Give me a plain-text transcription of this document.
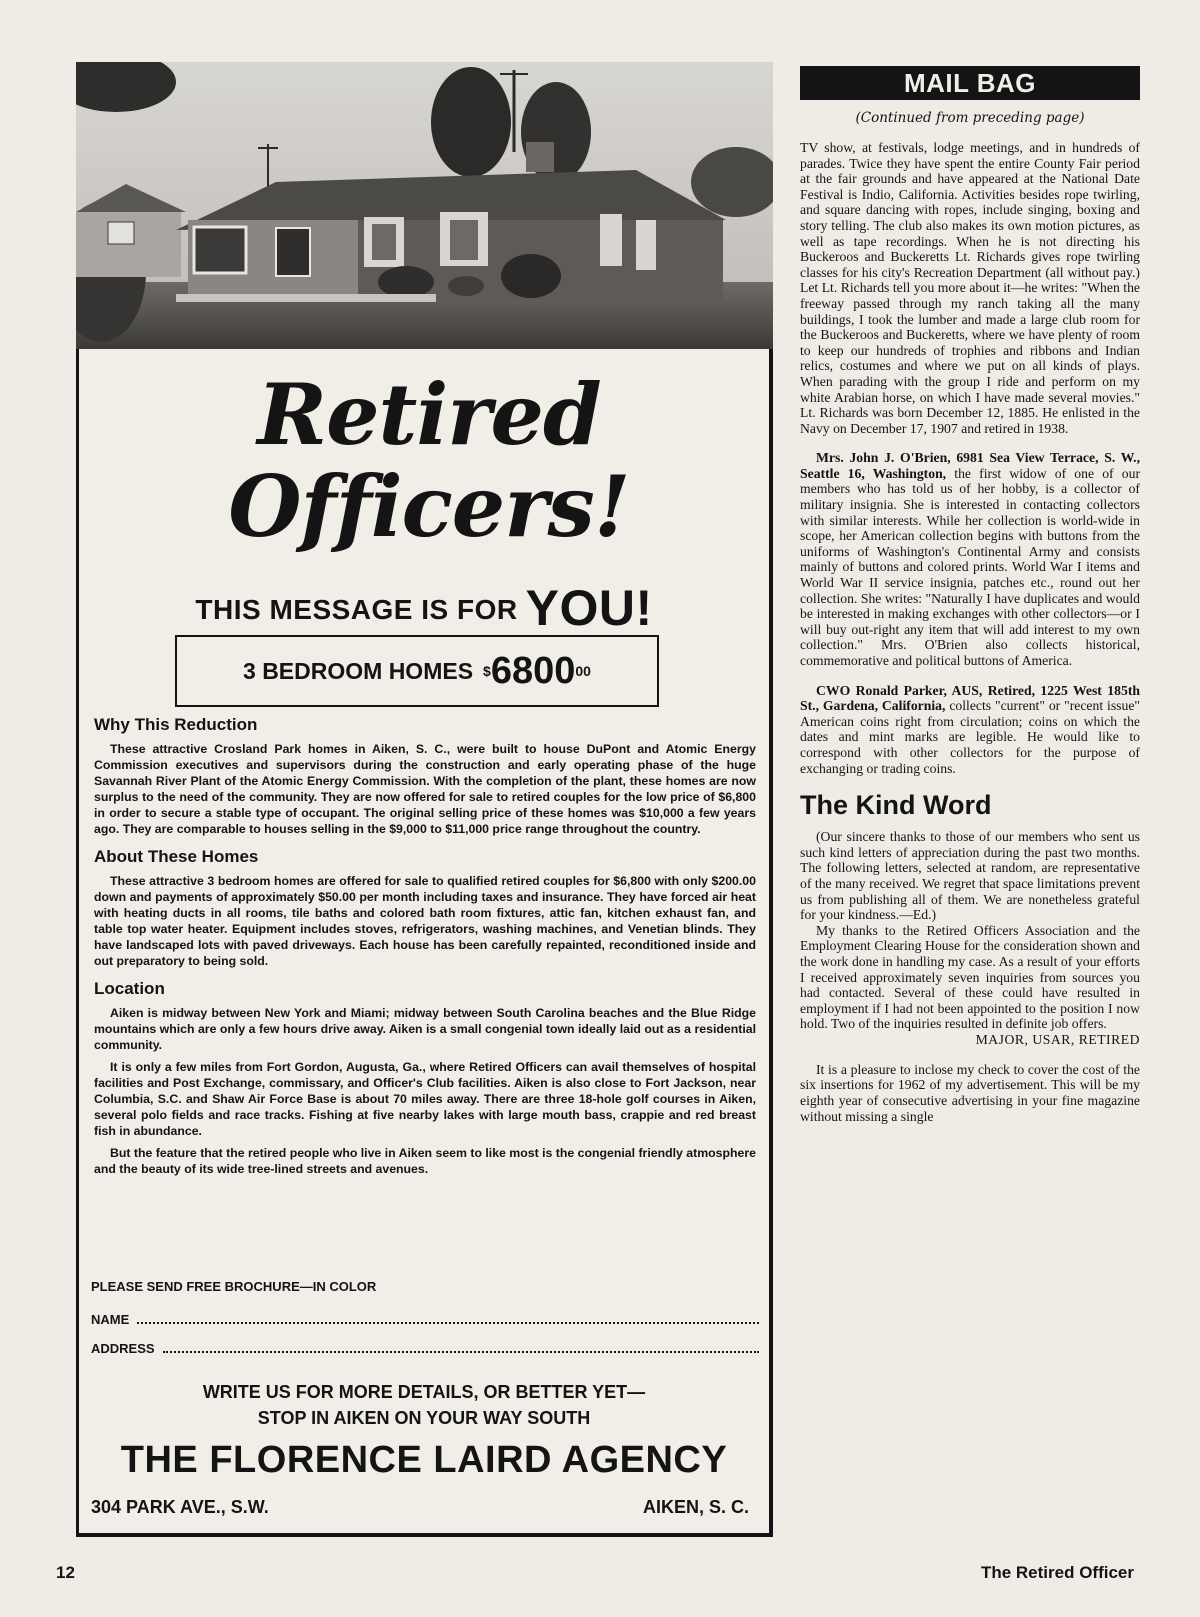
Retired
Officers!
THIS MESSAGE IS FOR YOU!
3 BEDROOM HOMES $ 6800 00
Why This Reduction

These attractive Crosland Park homes in Aiken, S. C., were built to house DuPont and Atomic Energy Commission executives and supervisors during the construction and early operating phase of the huge Savannah River Plant of the Atomic Energy Commission. With the completion of the plant, these homes are now surplus to the need of the community. They are now offered for sale to retired couples for the low price of $6,800 in order to secure a stable type of occupant. The original selling price of these homes was $10,000 a few years ago. They are comparable to houses selling in the $9,000 to $11,000 price range throughout the country.

About These Homes

These attractive 3 bedroom homes are offered for sale to qualified retired couples for $6,800 with only $200.00 down and payments of approximately $50.00 per month including taxes and insurance. They have forced air heat with heating ducts in all rooms, tile baths and colored bath room fixtures, attic fan, kitchen exhaust fan, and table top water heater. Equipment includes stoves, refrigerators, washing machines, and Venetian blinds. They have landscaped lots with paved driveways. Each house has been carefully repainted, reconditioned inside and out preparatory to being sold.

Location

Aiken is midway between New York and Miami; midway between South Carolina beaches and the Blue Ridge mountains which are only a few hours drive away. Aiken is a small congenial town ideally laid out as a residential community.

It is only a few miles from Fort Gordon, Augusta, Ga., where Retired Officers can avail themselves of hospital facilities and Post Exchange, commissary, and Officer's Club facilities. Aiken is also close to Fort Jackson, near Columbia, S.C. and Shaw Air Force Base is about 70 miles away. There are three 18-hole golf courses in Aiken, several polo fields and race tracks. Fishing at five nearby lakes with large mouth bass, crappie and red breast fish in abundance.

But the feature that the retired people who live in Aiken seem to like most is the congenial friendly atmosphere and the beauty of its wide tree-lined streets and avenues.

PLEASE SEND FREE BROCHURE—IN COLOR
NAME
ADDRESS
WRITE US FOR MORE DETAILS, OR BETTER YET—
STOP IN AIKEN ON YOUR WAY SOUTH
THE FLORENCE LAIRD AGENCY
304 PARK AVE., S.W.	AIKEN, S. C.
MAIL BAG
(Continued from preceding page)

TV show, at festivals, lodge meetings, and in hundreds of parades. Twice they have spent the entire County Fair period at the fair grounds and have appeared at the National Date Festival is Indio, California. Activities besides rope twirling, and square dancing with ropes, include singing, boxing and story telling. The club also makes its own motion pictures, as well as tape recordings. When he is not directing his Buckeroos and Buckeretts Lt. Richards gives rope twirling classes for his city's Recreation Department (all without pay.) Let Lt. Richards tell you more about it—he writes: "When the freeway passed through my ranch taking all the many buildings, I took the lumber and made a large club room for the Buckeroos and Buckeretts, where we have plenty of room to keep our hundreds of trophies and ribbons and Indian relics, costumes and where we put on all kinds of plays. When parading with the group I ride and perform on my white Arabian horse, on which I have made several movies." Lt. Richards was born December 12, 1885. He enlisted in the Navy on December 17, 1907 and retired in 1938.

Mrs. John J. O'Brien, 6981 Sea View Terrace, S. W., Seattle 16, Washington, the first widow of one of our members who has told us of her hobby, is a collector of military insignia. She is interested in contacting collectors with similar interests. While her collection is world-wide in scope, her American collection begins with buttons from the uniforms of Washington's Continental Army and consists mainly of buttons and colored prints. World War I items and World War II service insignia, patches etc., round out her collection. She writes: "Naturally I have duplicates and would be interested in making exchanges with other collectors—or I will buy out-right any item that will add interest to my own collection." Mrs. O'Brien also collects historical, commemorative and political buttons of America.

CWO Ronald Parker, AUS, Retired, 1225 West 185th St., Gardena, California, collects "current" or "recent issue" American coins right from circulation; coins on which the dates and mint marks are legible. He would like to correspond with other collectors for the purpose of exchanging or trading coins.

The Kind Word

(Our sincere thanks to those of our members who sent us such kind letters of appreciation during the past two months. The following letters, selected at random, are representative of the many received. We regret that space limitations prevent us from publishing all of them. We are nonetheless grateful for your kindness.—Ed.)

My thanks to the Retired Officers Association and the Employment Clearing House for the consideration shown and the work done in handling my case. As a result of your efforts I received approximately seven inquiries from sources you had contacted. Several of these could have resulted in employment if I had not been appointed to the position I now hold. Two of the inquiries resulted in definite job offers.

MAJOR, USAR, RETIRED

It is a pleasure to inclose my check to cover the cost of the six insertions for 1962 of my advertisement. This will be my eighth year of consecutive advertising in your fine magazine without missing a single

12	The Retired Officer
